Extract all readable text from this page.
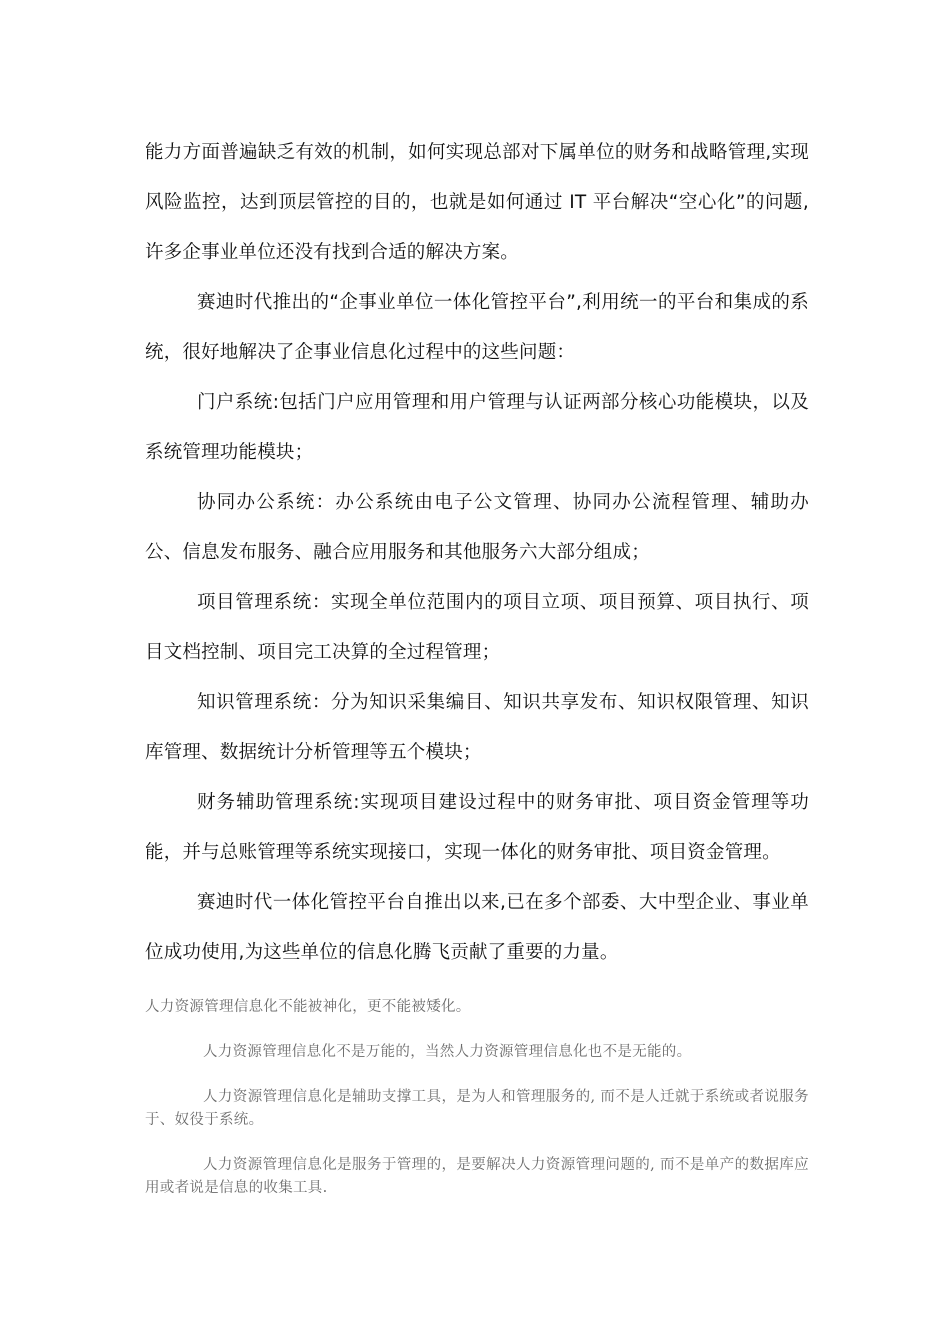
能力方面普遍缺乏有效的机制，如何实现总部对下属单位的财务和战略管理,实现风险监控，达到顶层管控的目的，也就是如何通过 IT 平台解决“空心化”的问题,许多企事业单位还没有找到合适的解决方案。

赛迪时代推出的“企事业单位一体化管控平台”,利用统一的平台和集成的系统，很好地解决了企事业信息化过程中的这些问题：

门户系统:包括门户应用管理和用户管理与认证两部分核心功能模块，以及系统管理功能模块；

协同办公系统：办公系统由电子公文管理、协同办公流程管理、辅助办公、信息发布服务、融合应用服务和其他服务六大部分组成；

项目管理系统：实现全单位范围内的项目立项、项目预算、项目执行、项目文档控制、项目完工决算的全过程管理；

知识管理系统：分为知识采集编目、知识共享发布、知识权限管理、知识库管理、数据统计分析管理等五个模块；

财务辅助管理系统:实现项目建设过程中的财务审批、项目资金管理等功能，并与总账管理等系统实现接口，实现一体化的财务审批、项目资金管理。

赛迪时代一体化管控平台自推出以来,已在多个部委、大中型企业、事业单位成功使用,为这些单位的信息化腾飞贡献了重要的力量。

人力资源管理信息化不能被神化，更不能被矮化。

人力资源管理信息化不是万能的，当然人力资源管理信息化也不是无能的。

人力资源管理信息化是辅助支撑工具，是为人和管理服务的, 而不是人迁就于系统或者说服务于、奴役于系统。

人力资源管理信息化是服务于管理的，是要解决人力资源管理问题的, 而不是单产的数据库应用或者说是信息的收集工具.
